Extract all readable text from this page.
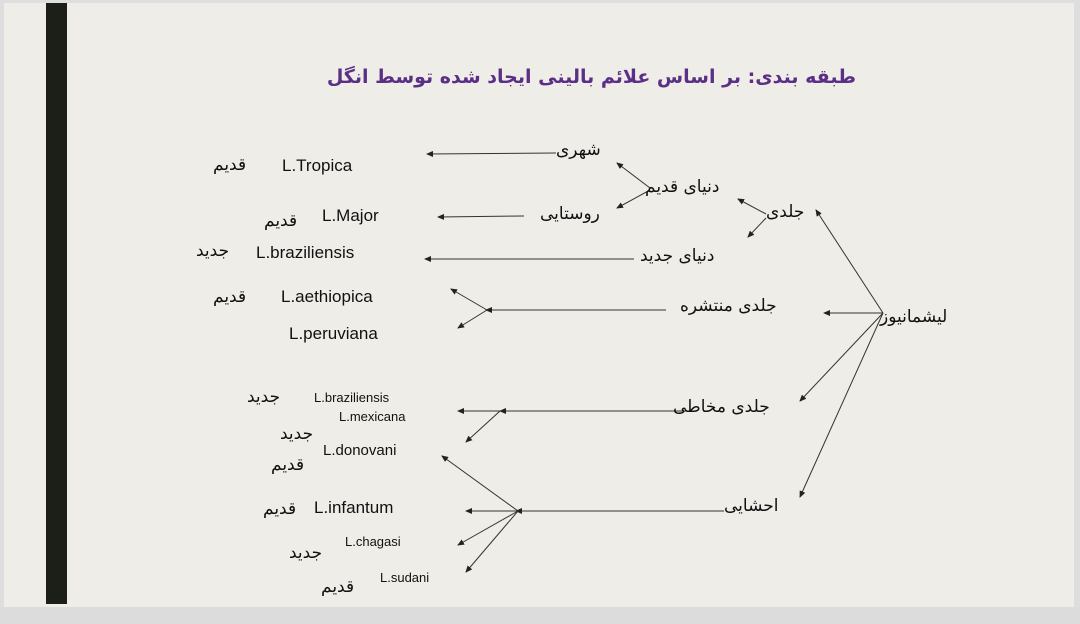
طبقه بندی: بر اساس علائم بالینی ایجاد شده توسط انگل
لیشمانیوز
جلدی
دنیای قدیم
شهری
روستایی
دنیای جدید
جلدی منتشره
جلدی مخاطی
احشایی
L.Tropica
L.Major
L.braziliensis
L.aethiopica
L.peruviana
L.braziliensis
L.mexicana
L.donovani
L.infantum
L.chagasi
L.sudani
قدیم
قدیم
جدید
قدیم
جدید
جدید
قدیم
قدیم
جدید
قدیم
